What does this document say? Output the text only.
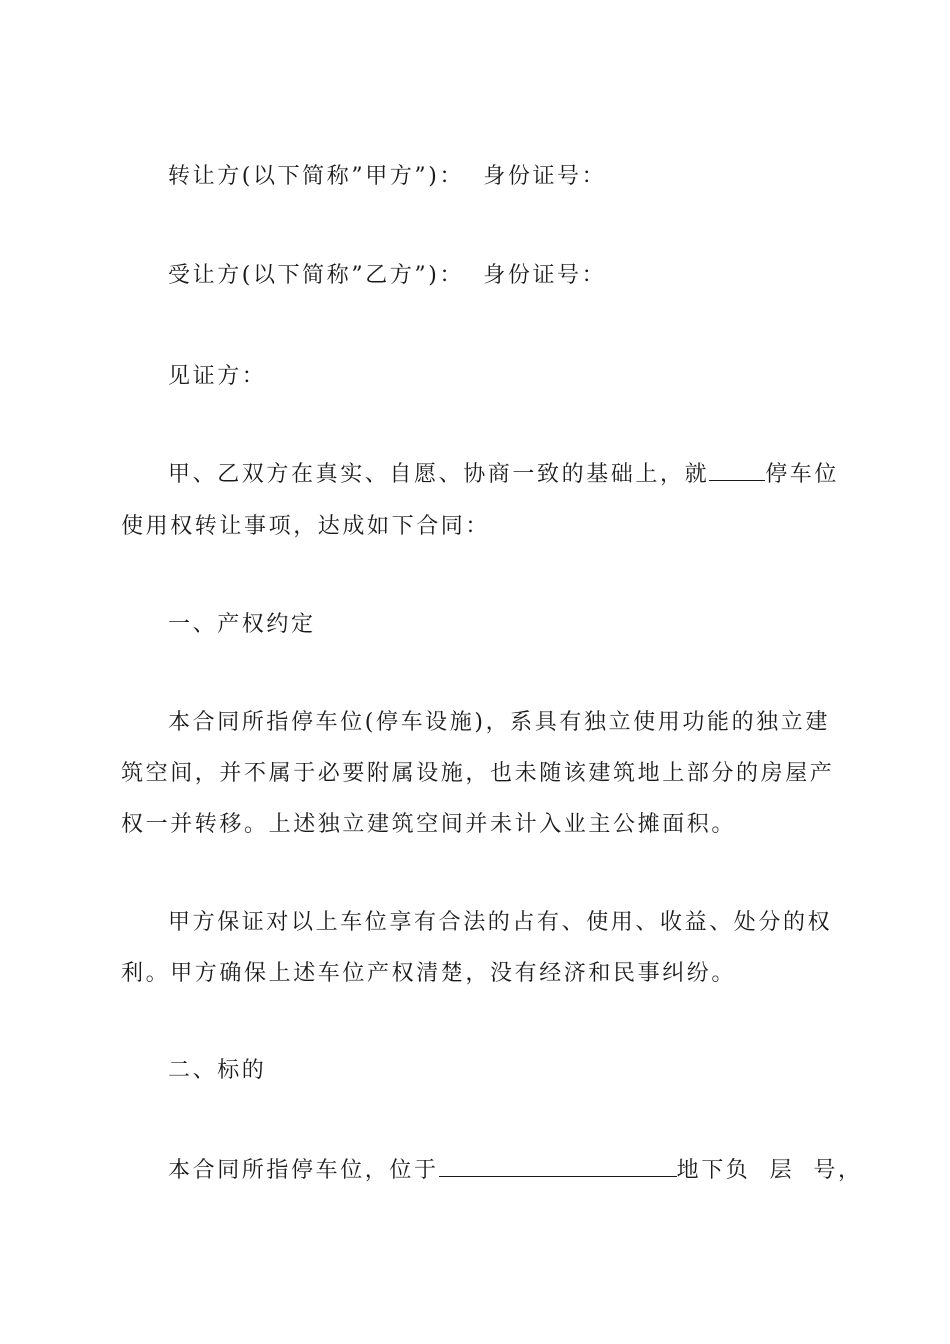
转让方(以下简称”甲方”)：  身份证号：
受让方(以下简称”乙方”)：  身份证号：
见证方：
甲、乙双方在真实、自愿、协商一致的基础上，就	停车位
使用权转让事项，达成如下合同：
一、产权约定
本合同所指停车位(停车设施)，系具有独立使用功能的独立建
筑空间，并不属于必要附属设施，也未随该建筑地上部分的房屋产
权一并转移。上述独立建筑空间并未计入业主公摊面积。
甲方保证对以上车位享有合法的占有、使用、收益、处分的权
利。甲方确保上述车位产权清楚，没有经济和民事纠纷。
二、标的
本合同所指停车位，位于	地下负  层  号，
